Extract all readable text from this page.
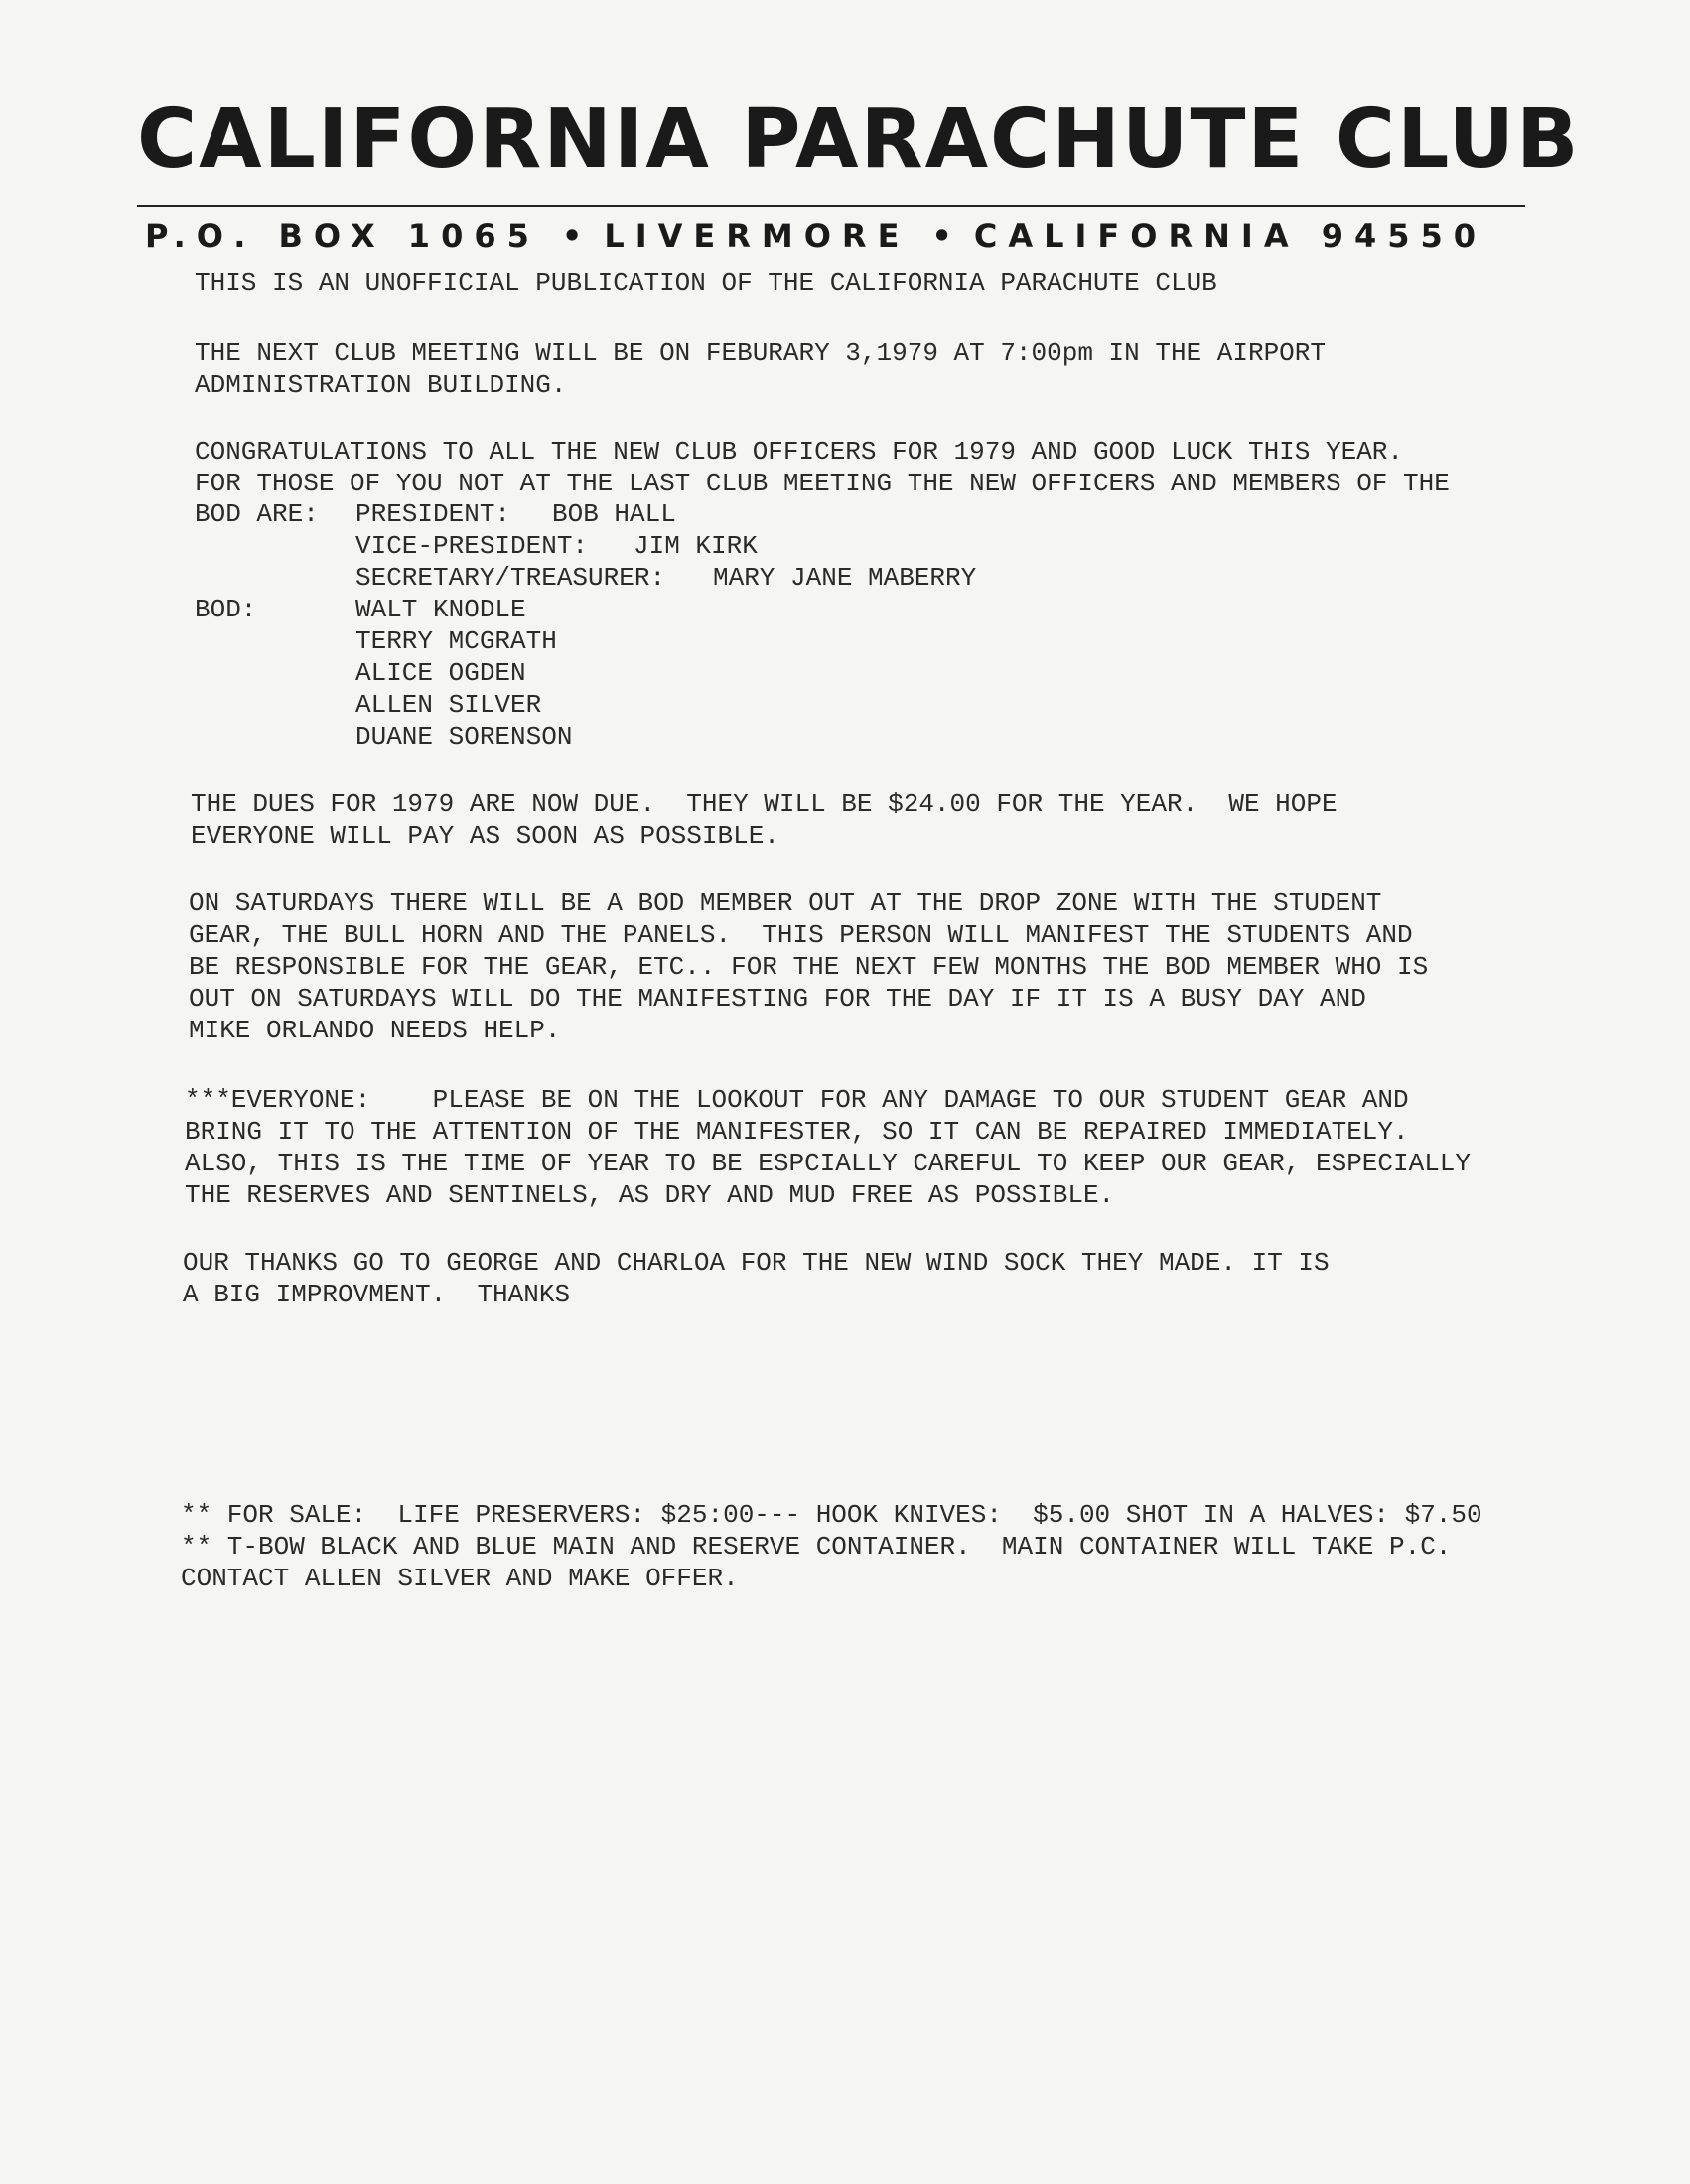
CALIFORNIA PARACHUTE CLUB
P.O. BOX 1065 • LIVERMORE • CALIFORNIA 94550
THIS IS AN UNOFFICIAL PUBLICATION OF THE CALIFORNIA PARACHUTE CLUB
THE NEXT CLUB MEETING WILL BE ON FEBURARY 3,1979 AT 7:00pm IN THE AIRPORT
ADMINISTRATION BUILDING.
CONGRATULATIONS TO ALL THE NEW CLUB OFFICERS FOR 1979 AND GOOD LUCK THIS YEAR.
FOR THOSE OF YOU NOT AT THE LAST CLUB MEETING THE NEW OFFICERS AND MEMBERS OF THE
BOD ARE: PRESIDENT: BOB HALL
VICE-PRESIDENT: JIM KIRK
SECRETARY/TREASURER: MARY JANE MABERRY
BOD:	WALT KNODLE
TERRY MCGRATH
ALICE OGDEN
ALLEN SILVER
DUANE SORENSON
THE DUES FOR 1979 ARE NOW DUE.  THEY WILL BE $24.00 FOR THE YEAR.  WE HOPE
EVERYONE WILL PAY AS SOON AS POSSIBLE.
ON SATURDAYS THERE WILL BE A BOD MEMBER OUT AT THE DROP ZONE WITH THE STUDENT
GEAR, THE BULL HORN AND THE PANELS.  THIS PERSON WILL MANIFEST THE STUDENTS AND
BE RESPONSIBLE FOR THE GEAR, ETC.. FOR THE NEXT FEW MONTHS THE BOD MEMBER WHO IS
OUT ON SATURDAYS WILL DO THE MANIFESTING FOR THE DAY IF IT IS A BUSY DAY AND
MIKE ORLANDO NEEDS HELP.
***EVERYONE:    PLEASE BE ON THE LOOKOUT FOR ANY DAMAGE TO OUR STUDENT GEAR AND
BRING IT TO THE ATTENTION OF THE MANIFESTER, SO IT CAN BE REPAIRED IMMEDIATELY.
ALSO, THIS IS THE TIME OF YEAR TO BE ESPCIALLY CAREFUL TO KEEP OUR GEAR, ESPECIALLY
THE RESERVES AND SENTINELS, AS DRY AND MUD FREE AS POSSIBLE.
OUR THANKS GO TO GEORGE AND CHARLOA FOR THE NEW WIND SOCK THEY MADE. IT IS
A BIG IMPROVMENT.  THANKS
** FOR SALE:  LIFE PRESERVERS: $25:00--- HOOK KNIVES:  $5.00 SHOT IN A HALVES: $7.50
** T-BOW BLACK AND BLUE MAIN AND RESERVE CONTAINER.  MAIN CONTAINER WILL TAKE P.C.
CONTACT ALLEN SILVER AND MAKE OFFER.
